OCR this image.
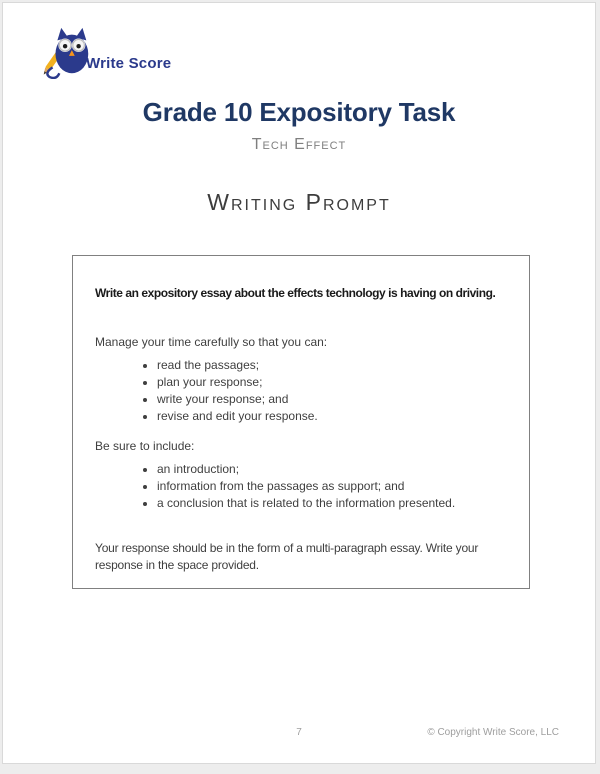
Write Score
Grade 10 Expository Task
Tech Effect
Writing Prompt

Write an expository essay about the effects technology is having on driving.

Manage your time carefully so that you can:

• read the passages;
• plan your response;
• write your response; and
• revise and edit your response.

Be sure to include:

• an introduction;
• information from the passages as support; and
• a conclusion that is related to the information presented.

Your response should be in the form of a multi-paragraph essay. Write your response in the space provided.

7	© Copyright Write Score, LLC
